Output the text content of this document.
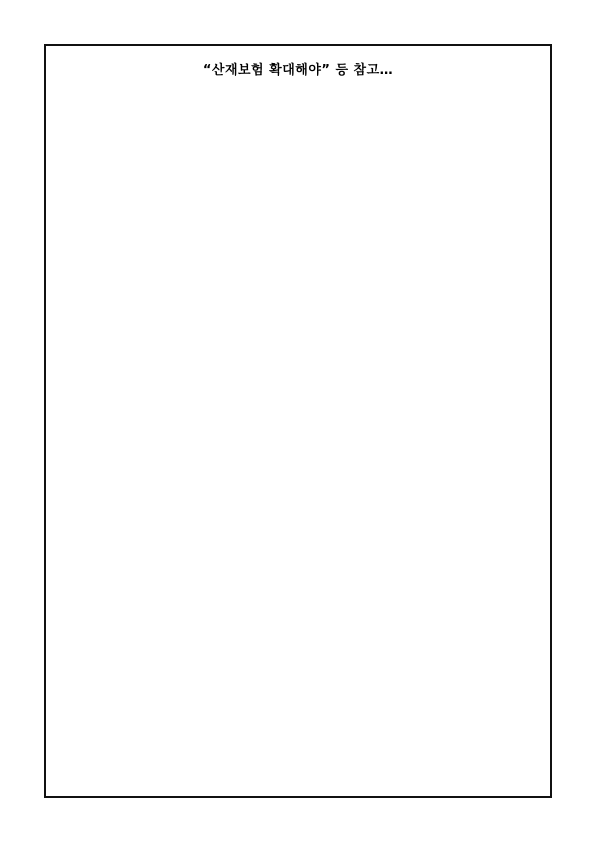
“산재보험 확대해야” 등 참고…
